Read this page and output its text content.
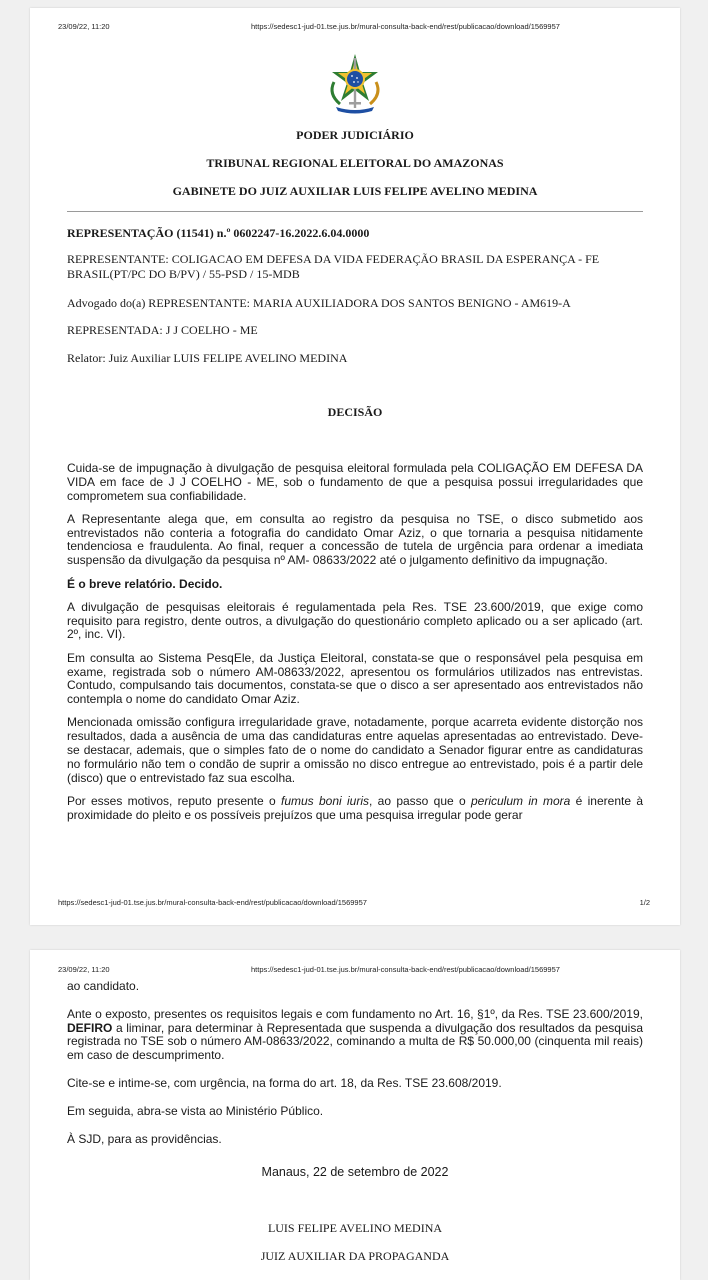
23/09/22, 11:20	https://sedesc1-jud-01.tse.jus.br/mural-consulta-back-end/rest/publicacao/download/1569957
PODER JUDICIÁRIO
TRIBUNAL REGIONAL ELEITORAL DO AMAZONAS
GABINETE DO JUIZ AUXILIAR LUIS FELIPE AVELINO MEDINA
REPRESENTAÇÃO (11541) n.º 0602247-16.2022.6.04.0000
REPRESENTANTE: COLIGACAO EM DEFESA DA VIDA FEDERAÇÃO BRASIL DA ESPERANÇA - FE BRASIL(PT/PC DO B/PV) / 55-PSD / 15-MDB
Advogado do(a) REPRESENTANTE: MARIA AUXILIADORA DOS SANTOS BENIGNO - AM619-A
REPRESENTADA: J J COELHO - ME
Relator: Juiz Auxiliar LUIS FELIPE AVELINO MEDINA
DECISÃO

Cuida-se de impugnação à divulgação de pesquisa eleitoral formulada pela COLIGAÇÃO EM DEFESA DA VIDA em face de J J COELHO - ME, sob o fundamento de que a pesquisa possui irregularidades que comprometem sua confiabilidade.

A Representante alega que, em consulta ao registro da pesquisa no TSE, o disco submetido aos entrevistados não conteria a fotografia do candidato Omar Aziz, o que tornaria a pesquisa nitidamente tendenciosa e fraudulenta. Ao final, requer a concessão de tutela de urgência para ordenar a imediata suspensão da divulgação da pesquisa nº AM- 08633/2022 até o julgamento definitivo da impugnação.

É o breve relatório. Decido.

A divulgação de pesquisas eleitorais é regulamentada pela Res. TSE 23.600/2019, que exige como requisito para registro, dente outros, a divulgação do questionário completo aplicado ou a ser aplicado (art. 2º, inc. VI).

Em consulta ao Sistema PesqEle, da Justiça Eleitoral, constata-se que o responsável pela pesquisa em exame, registrada sob o número AM-08633/2022, apresentou os formulários utilizados nas entrevistas. Contudo, compulsando tais documentos, constata-se que o disco a ser apresentado aos entrevistados não contempla o nome do candidato Omar Aziz.

Mencionada omissão configura irregularidade grave, notadamente, porque acarreta evidente distorção nos resultados, dada a ausência de uma das candidaturas entre aquelas apresentadas ao entrevistado. Deve-se destacar, ademais, que o simples fato de o nome do candidato a Senador figurar entre as candidaturas no formulário não tem o condão de suprir a omissão no disco entregue ao entrevistado, pois é a partir dele (disco) que o entrevistado faz sua escolha.

Por esses motivos, reputo presente o fumus boni iuris, ao passo que o periculum in mora é inerente à proximidade do pleito e os possíveis prejuízos que uma pesquisa irregular pode gerar

https://sedesc1-jud-01.tse.jus.br/mural-consulta-back-end/rest/publicacao/download/1569957	1/2
23/09/22, 11:20	https://sedesc1-jud-01.tse.jus.br/mural-consulta-back-end/rest/publicacao/download/1569957

ao candidato.

Ante o exposto, presentes os requisitos legais e com fundamento no Art. 16, §1º, da Res. TSE 23.600/2019, DEFIRO a liminar, para determinar à Representada que suspenda a divulgação dos resultados da pesquisa registrada no TSE sob o número AM-08633/2022, cominando a multa de R$ 50.000,00 (cinquenta mil reais) em caso de descumprimento.

Cite-se e intime-se, com urgência, na forma do art. 18, da Res. TSE 23.608/2019.

Em seguida, abra-se vista ao Ministério Público.

À SJD, para as providências.

Manaus, 22 de setembro de 2022
LUIS FELIPE AVELINO MEDINA
JUIZ AUXILIAR DA PROPAGANDA
